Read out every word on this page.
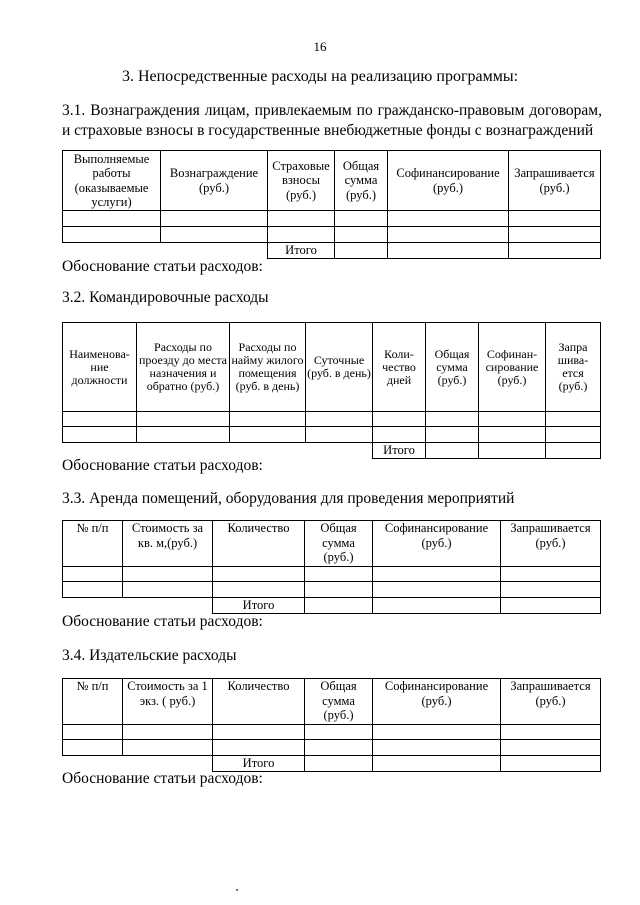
16
3. Непосредственные расходы на реализацию программы:
3.1. Вознаграждения лицам, привлекаемым по гражданско-правовым договорам, и страховые взносы в государственные внебюджетные фонды с вознаграждений
Выполняемые работы (оказываемые услуги)	Вознаграждение (руб.)	Страховые взносы (руб.)	Общая сумма (руб.)	Софинансирование (руб.)	Запрашивается (руб.)

		Итого			
Обоснование статьи расходов:
3.2. Командировочные расходы
Наименова-ние должности	Расходы по проезду до места назначения и обратно (руб.)	Расходы по найму жилого помещения (руб. в день)	Суточные (руб. в день)	Коли-чество дней	Общая сумма (руб.)	Софинан-сирование (руб.)	Запра шива-ется (руб.)

				Итого			
Обоснование статьи расходов:
3.3. Аренда помещений, оборудования для проведения мероприятий
№ п/п	Стоимость за кв. м,(руб.)	Количество	Общая сумма (руб.)	Софинансирование (руб.)	Запрашивается (руб.)

		Итого			
Обоснование статьи расходов:
3.4. Издательские расходы
№ п/п	Стоимость за 1 экз. ( руб.)	Количество	Общая сумма (руб.)	Софинансирование (руб.)	Запрашивается (руб.)

		Итого			
Обоснование статьи расходов:
